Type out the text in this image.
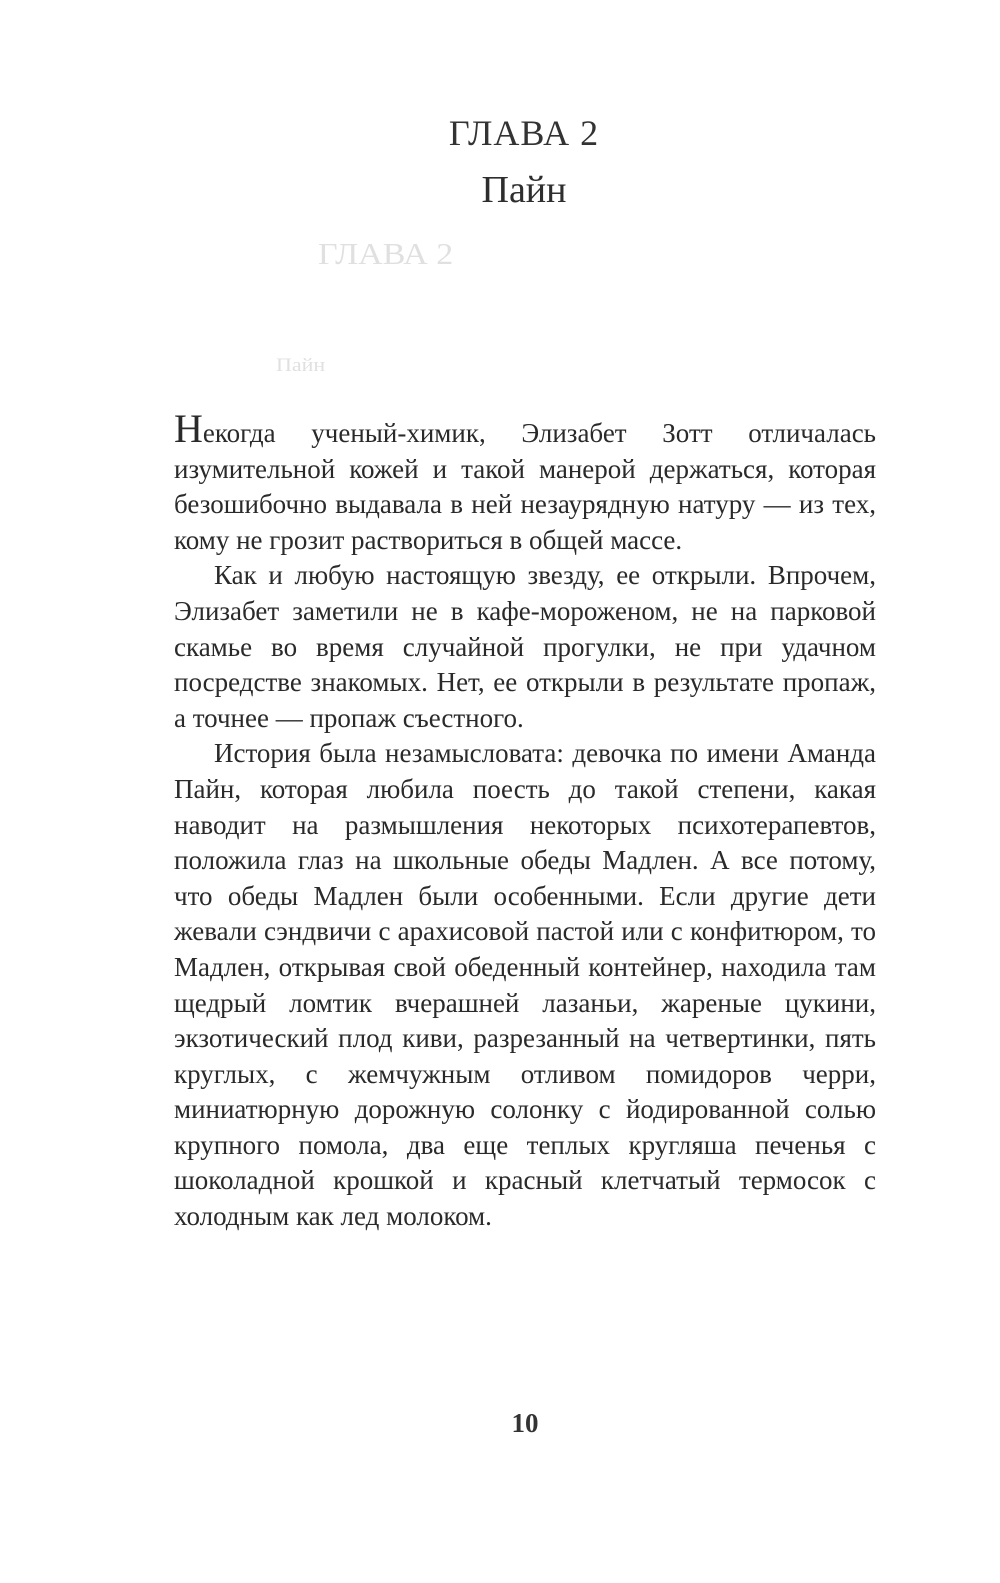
ГЛАВА 2
Пайн
ГЛАВА 2
Пайн

Некогда ученый-химик, Элизабет Зотт отличалась изумительной кожей и такой манерой держаться, которая безошибочно выдавала в ней незаурядную натуру — из тех, кому не грозит раствориться в общей массе.

Как и любую настоящую звезду, ее открыли. Впрочем, Элизабет заметили не в кафе-мороженом, не на парковой скамье во время случайной прогулки, не при удачном посредстве знакомых. Нет, ее открыли в результате пропаж, а точнее — пропаж съестного.

История была незамысловата: девочка по имени Аманда Пайн, которая любила поесть до такой степени, какая наводит на размышления некоторых психотерапевтов, положила глаз на школьные обеды Мадлен. А все потому, что обеды Мадлен были особенными. Если другие дети жевали сэндвичи с арахисовой пастой или с конфитюром, то Мадлен, открывая свой обеденный контейнер, находила там щедрый ломтик вчерашней лазаньи, жареные цукини, экзотический плод киви, разрезанный на четвертинки, пять круглых, с жемчужным отливом помидоров черри, миниатюрную дорожную солонку с йодированной солью крупного помола, два еще теплых кругляша печенья с шоколадной крошкой и красный клетчатый термосок с холодным как лед молоком.

10
